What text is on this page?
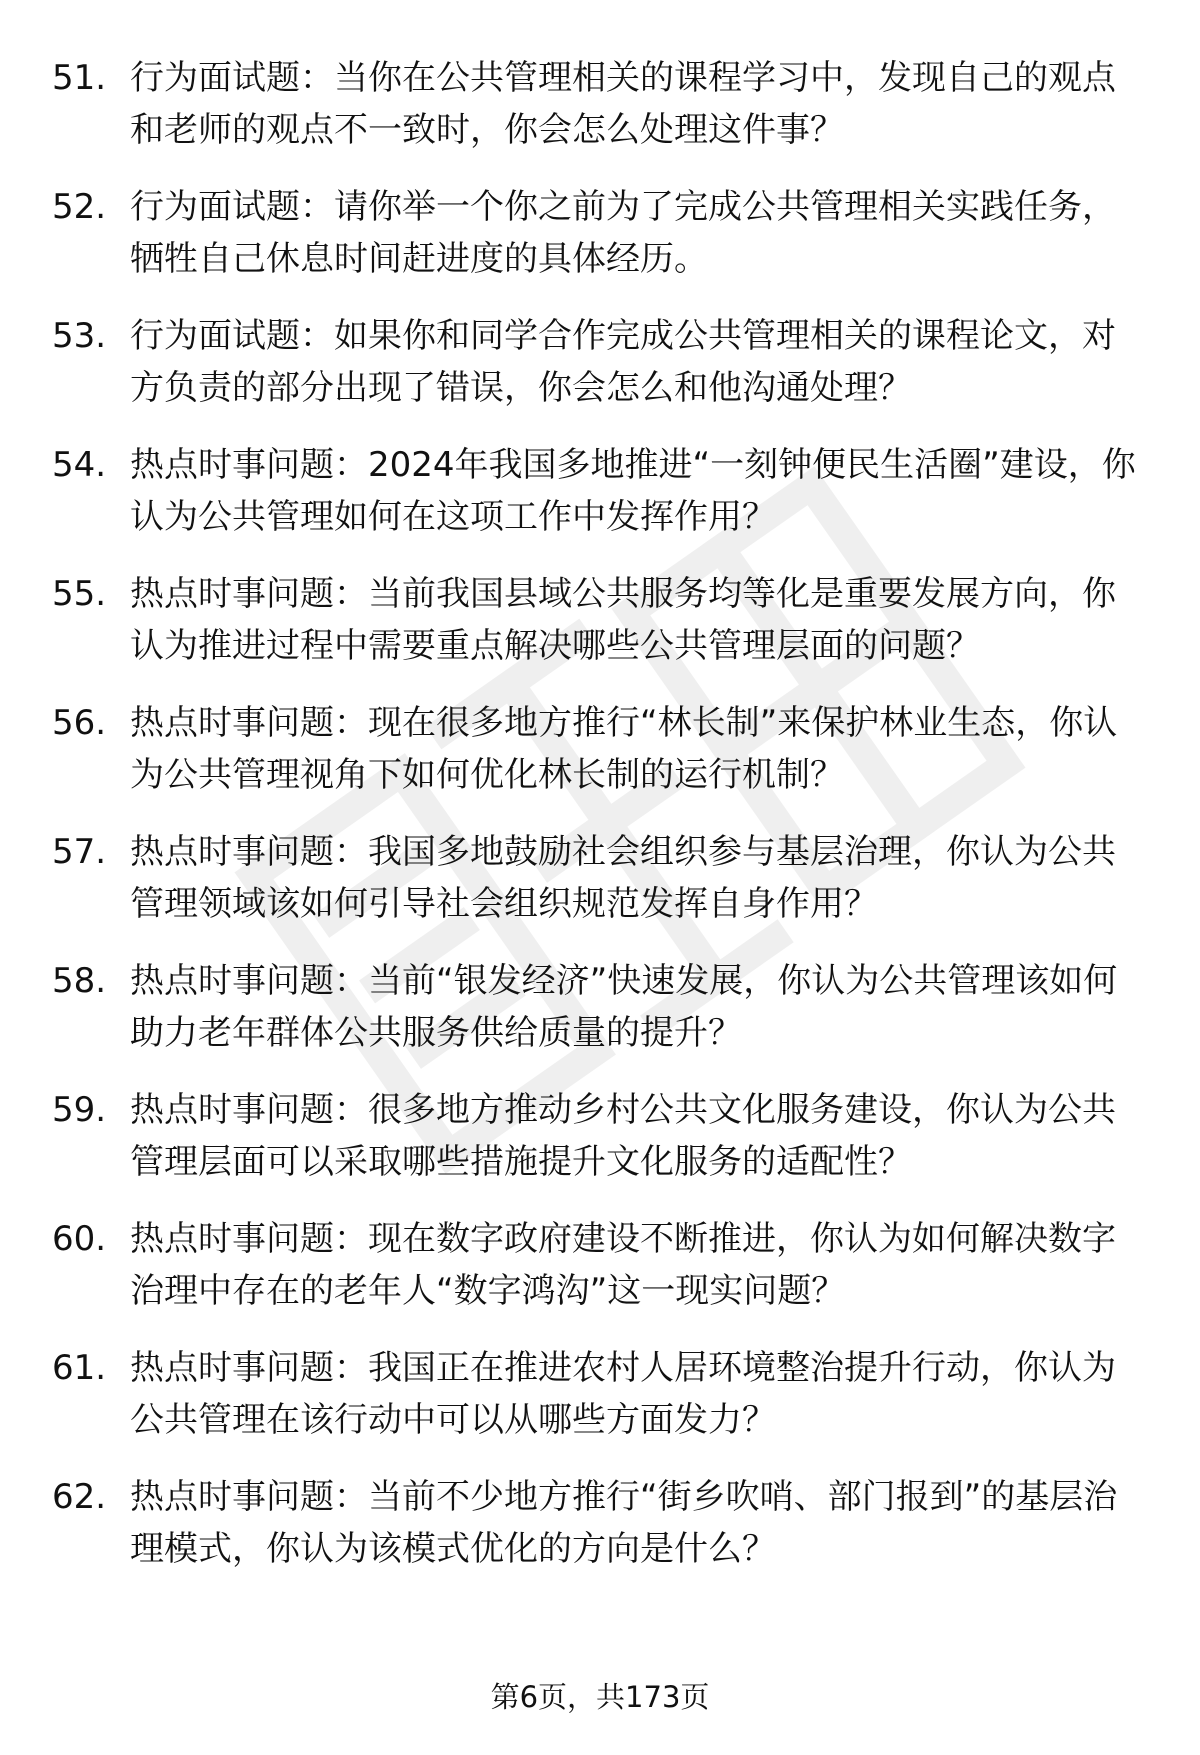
51. 行为面试题：当你在公共管理相关的课程学习中，发现自己的观点和老师的观点不一致时，你会怎么处理这件事？
52. 行为面试题：请你举一个你之前为了完成公共管理相关实践任务，牺牲自己休息时间赶进度的具体经历。
53. 行为面试题：如果你和同学合作完成公共管理相关的课程论文，对方负责的部分出现了错误，你会怎么和他沟通处理？
54. 热点时事问题：2024年我国多地推进“一刻钟便民生活圈”建设，你认为公共管理如何在这项工作中发挥作用？
55. 热点时事问题：当前我国县域公共服务均等化是重要发展方向，你认为推进过程中需要重点解决哪些公共管理层面的问题？
56. 热点时事问题：现在很多地方推行“林长制”来保护林业生态，你认为公共管理视角下如何优化林长制的运行机制？
57. 热点时事问题：我国多地鼓励社会组织参与基层治理，你认为公共管理领域该如何引导社会组织规范发挥自身作用？
58. 热点时事问题：当前“银发经济”快速发展，你认为公共管理该如何助力老年群体公共服务供给质量的提升？
59. 热点时事问题：很多地方推动乡村公共文化服务建设，你认为公共管理层面可以采取哪些措施提升文化服务的适配性？
60. 热点时事问题：现在数字政府建设不断推进，你认为如何解决数字治理中存在的老年人“数字鸿沟”这一现实问题？
61. 热点时事问题：我国正在推进农村人居环境整治提升行动，你认为公共管理在该行动中可以从哪些方面发力？
62. 热点时事问题：当前不少地方推行“街乡吹哨、部门报到”的基层治理模式，你认为该模式优化的方向是什么？
第6页，共173页
